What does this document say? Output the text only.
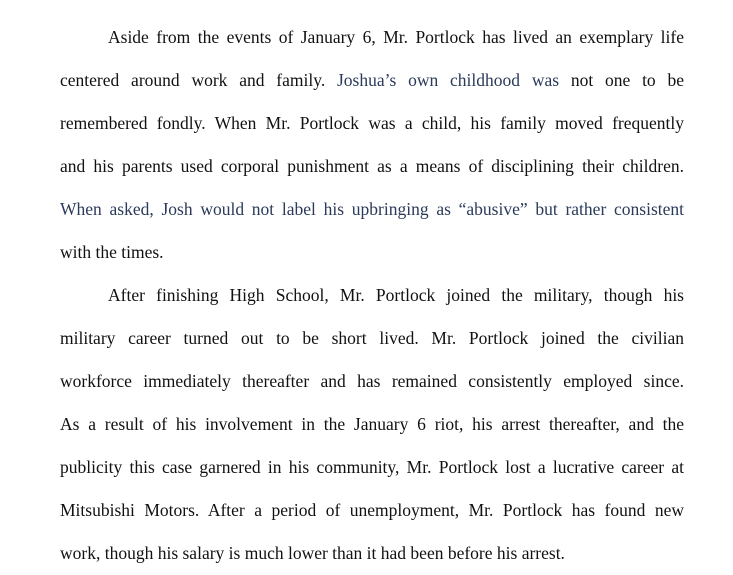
Aside from the events of January 6, Mr. Portlock has lived an exemplary life
centered around work and family. Joshua’s own childhood was not one to be
remembered fondly. When Mr. Portlock was a child, his family moved frequently
and his parents used corporal punishment as a means of disciplining their children.
When asked, Josh would not label his upbringing as “abusive” but rather consistent
with the times.
After finishing High School, Mr. Portlock joined the military, though his
military career turned out to be short lived. Mr. Portlock joined the civilian
workforce immediately thereafter and has remained consistently employed since.
As a result of his involvement in the January 6 riot, his arrest thereafter, and the
publicity this case garnered in his community, Mr. Portlock lost a lucrative career at
Mitsubishi Motors. After a period of unemployment, Mr. Portlock has found new
work, though his salary is much lower than it had been before his arrest.
